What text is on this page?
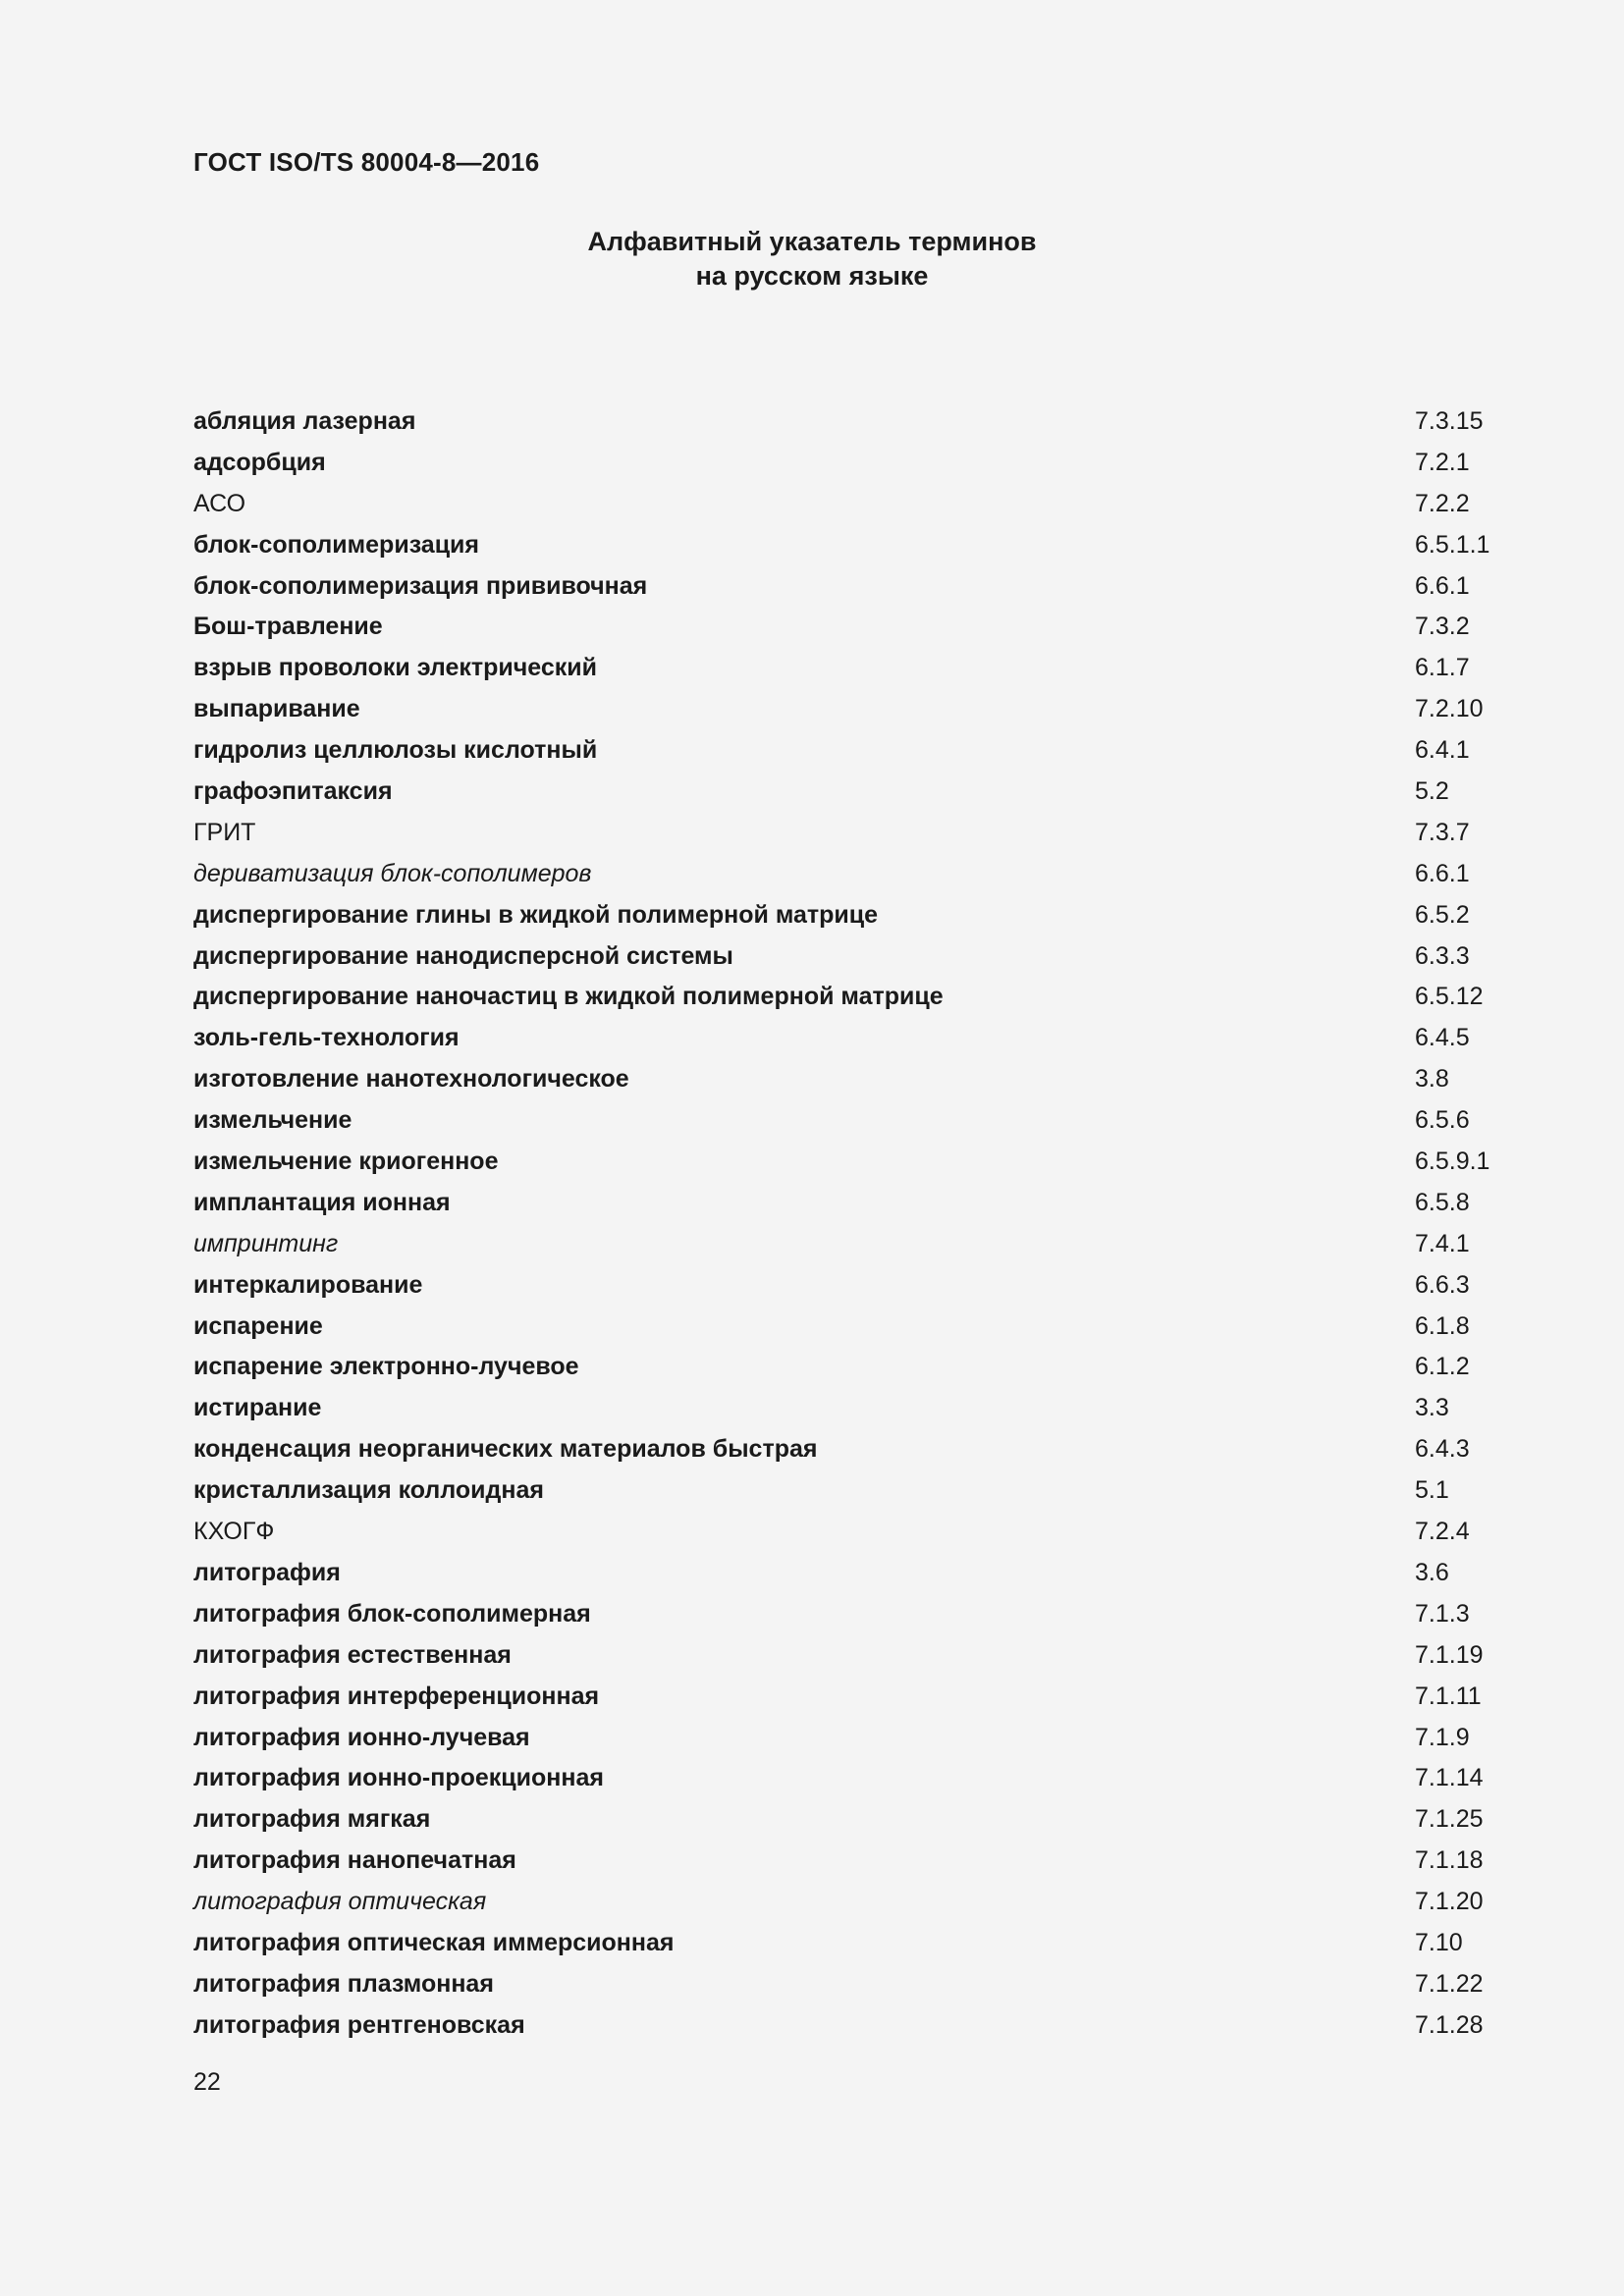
ГОСТ ISO/TS 80004-8—2016
Алфавитный указатель терминов
на русском языке
абляция лазерная	7.3.15
адсорбция	7.2.1
АСО	7.2.2
блок-сополимеризация	6.5.1.1
блок-сополимеризация прививочная	6.6.1
Бош-травление	7.3.2
взрыв проволоки электрический	6.1.7
выпаривание	7.2.10
гидролиз целлюлозы кислотный	6.4.1
графоэпитаксия	5.2
ГРИТ	7.3.7
дериватизация блок-сополимеров	6.6.1
диспергирование глины в жидкой полимерной матрице	6.5.2
диспергирование нанодисперсной системы	6.3.3
диспергирование наночастиц в жидкой полимерной матрице	6.5.12
золь-гель-технология	6.4.5
изготовление нанотехнологическое	3.8
измельчение	6.5.6
измельчение криогенное	6.5.9.1
имплантация ионная	6.5.8
импринтинг	7.4.1
интеркалирование	6.6.3
испарение	6.1.8
испарение электронно-лучевое	6.1.2
истирание	3.3
конденсация неорганических материалов быстрая	6.4.3
кристаллизация коллоидная	5.1
КХОГФ	7.2.4
литография	3.6
литография блок-сополимерная	7.1.3
литография естественная	7.1.19
литография интерференционная	7.1.11
литография ионно-лучевая	7.1.9
литография ионно-проекционная	7.1.14
литография мягкая	7.1.25
литография нанопечатная	7.1.18
литография оптическая	7.1.20
литография оптическая иммерсионная	7.10
литография плазмонная	7.1.22
литография рентгеновская	7.1.28
22
